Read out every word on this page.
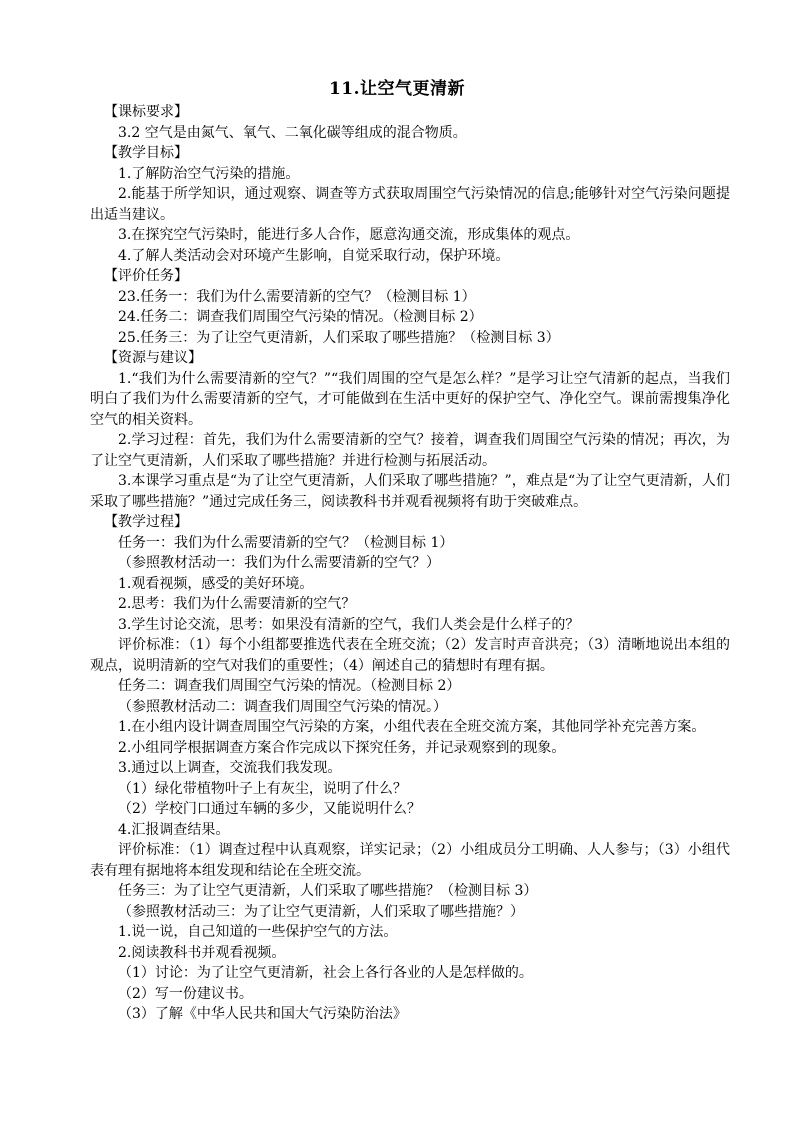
11.让空气更清新

【课标要求】

3.2 空气是由氮气、氧气、二氧化碳等组成的混合物质。

【教学目标】

1.了解防治空气污染的措施。

2.能基于所学知识，通过观察、调查等方式获取周围空气污染情况的信息;能够针对空气污染问题提出适当建议。

3.在探究空气污染时，能进行多人合作，愿意沟通交流，形成集体的观点。

4.了解人类活动会对环境产生影响，自觉采取行动，保护环境。

【评价任务】

23.任务一：我们为什么需要清新的空气？（检测目标 1）

24.任务二：调查我们周围空气污染的情况。（检测目标 2）

25.任务三：为了让空气更清新，人们采取了哪些措施？（检测目标 3）

【资源与建议】

1.“我们为什么需要清新的空气？”“我们周围的空气是怎么样？”是学习让空气清新的起点，当我们明白了我们为什么需要清新的空气，才可能做到在生活中更好的保护空气、净化空气。课前需搜集净化空气的相关资料。

2.学习过程：首先，我们为什么需要清新的空气？接着，调查我们周围空气污染的情况；再次，为了让空气更清新，人们采取了哪些措施？并进行检测与拓展活动。

3.本课学习重点是“为了让空气更清新，人们采取了哪些措施？”，难点是“为了让空气更清新，人们采取了哪些措施？”通过完成任务三，阅读教科书并观看视频将有助于突破难点。

【教学过程】

任务一：我们为什么需要清新的空气？（检测目标 1）

（参照教材活动一：我们为什么需要清新的空气？）

1.观看视频，感受的美好环境。

2.思考：我们为什么需要清新的空气？

3.学生讨论交流，思考：如果没有清新的空气，我们人类会是什么样子的？

评价标准：（1）每个小组都要推选代表在全班交流；（2）发言时声音洪亮；（3）清晰地说出本组的观点，说明清新的空气对我们的重要性；（4）阐述自己的猜想时有理有据。

任务二：调查我们周围空气污染的情况。（检测目标 2）

（参照教材活动二：调查我们周围空气污染的情况。）

1.在小组内设计调查周围空气污染的方案，小组代表在全班交流方案，其他同学补充完善方案。

2.小组同学根据调查方案合作完成以下探究任务，并记录观察到的现象。

3.通过以上调查，交流我们我发现。

（1）绿化带植物叶子上有灰尘，说明了什么？

（2）学校门口通过车辆的多少，又能说明什么？

4.汇报调查结果。

评价标准：（1）调查过程中认真观察，详实记录；（2）小组成员分工明确、人人参与；（3）小组代表有理有据地将本组发现和结论在全班交流。

任务三：为了让空气更清新，人们采取了哪些措施？（检测目标 3）

（参照教材活动三：为了让空气更清新，人们采取了哪些措施？）

1.说一说，自己知道的一些保护空气的方法。

2.阅读教科书并观看视频。

（1）讨论：为了让空气更清新，社会上各行各业的人是怎样做的。

（2）写一份建议书。

（3）了解《中华人民共和国大气污染防治法》
